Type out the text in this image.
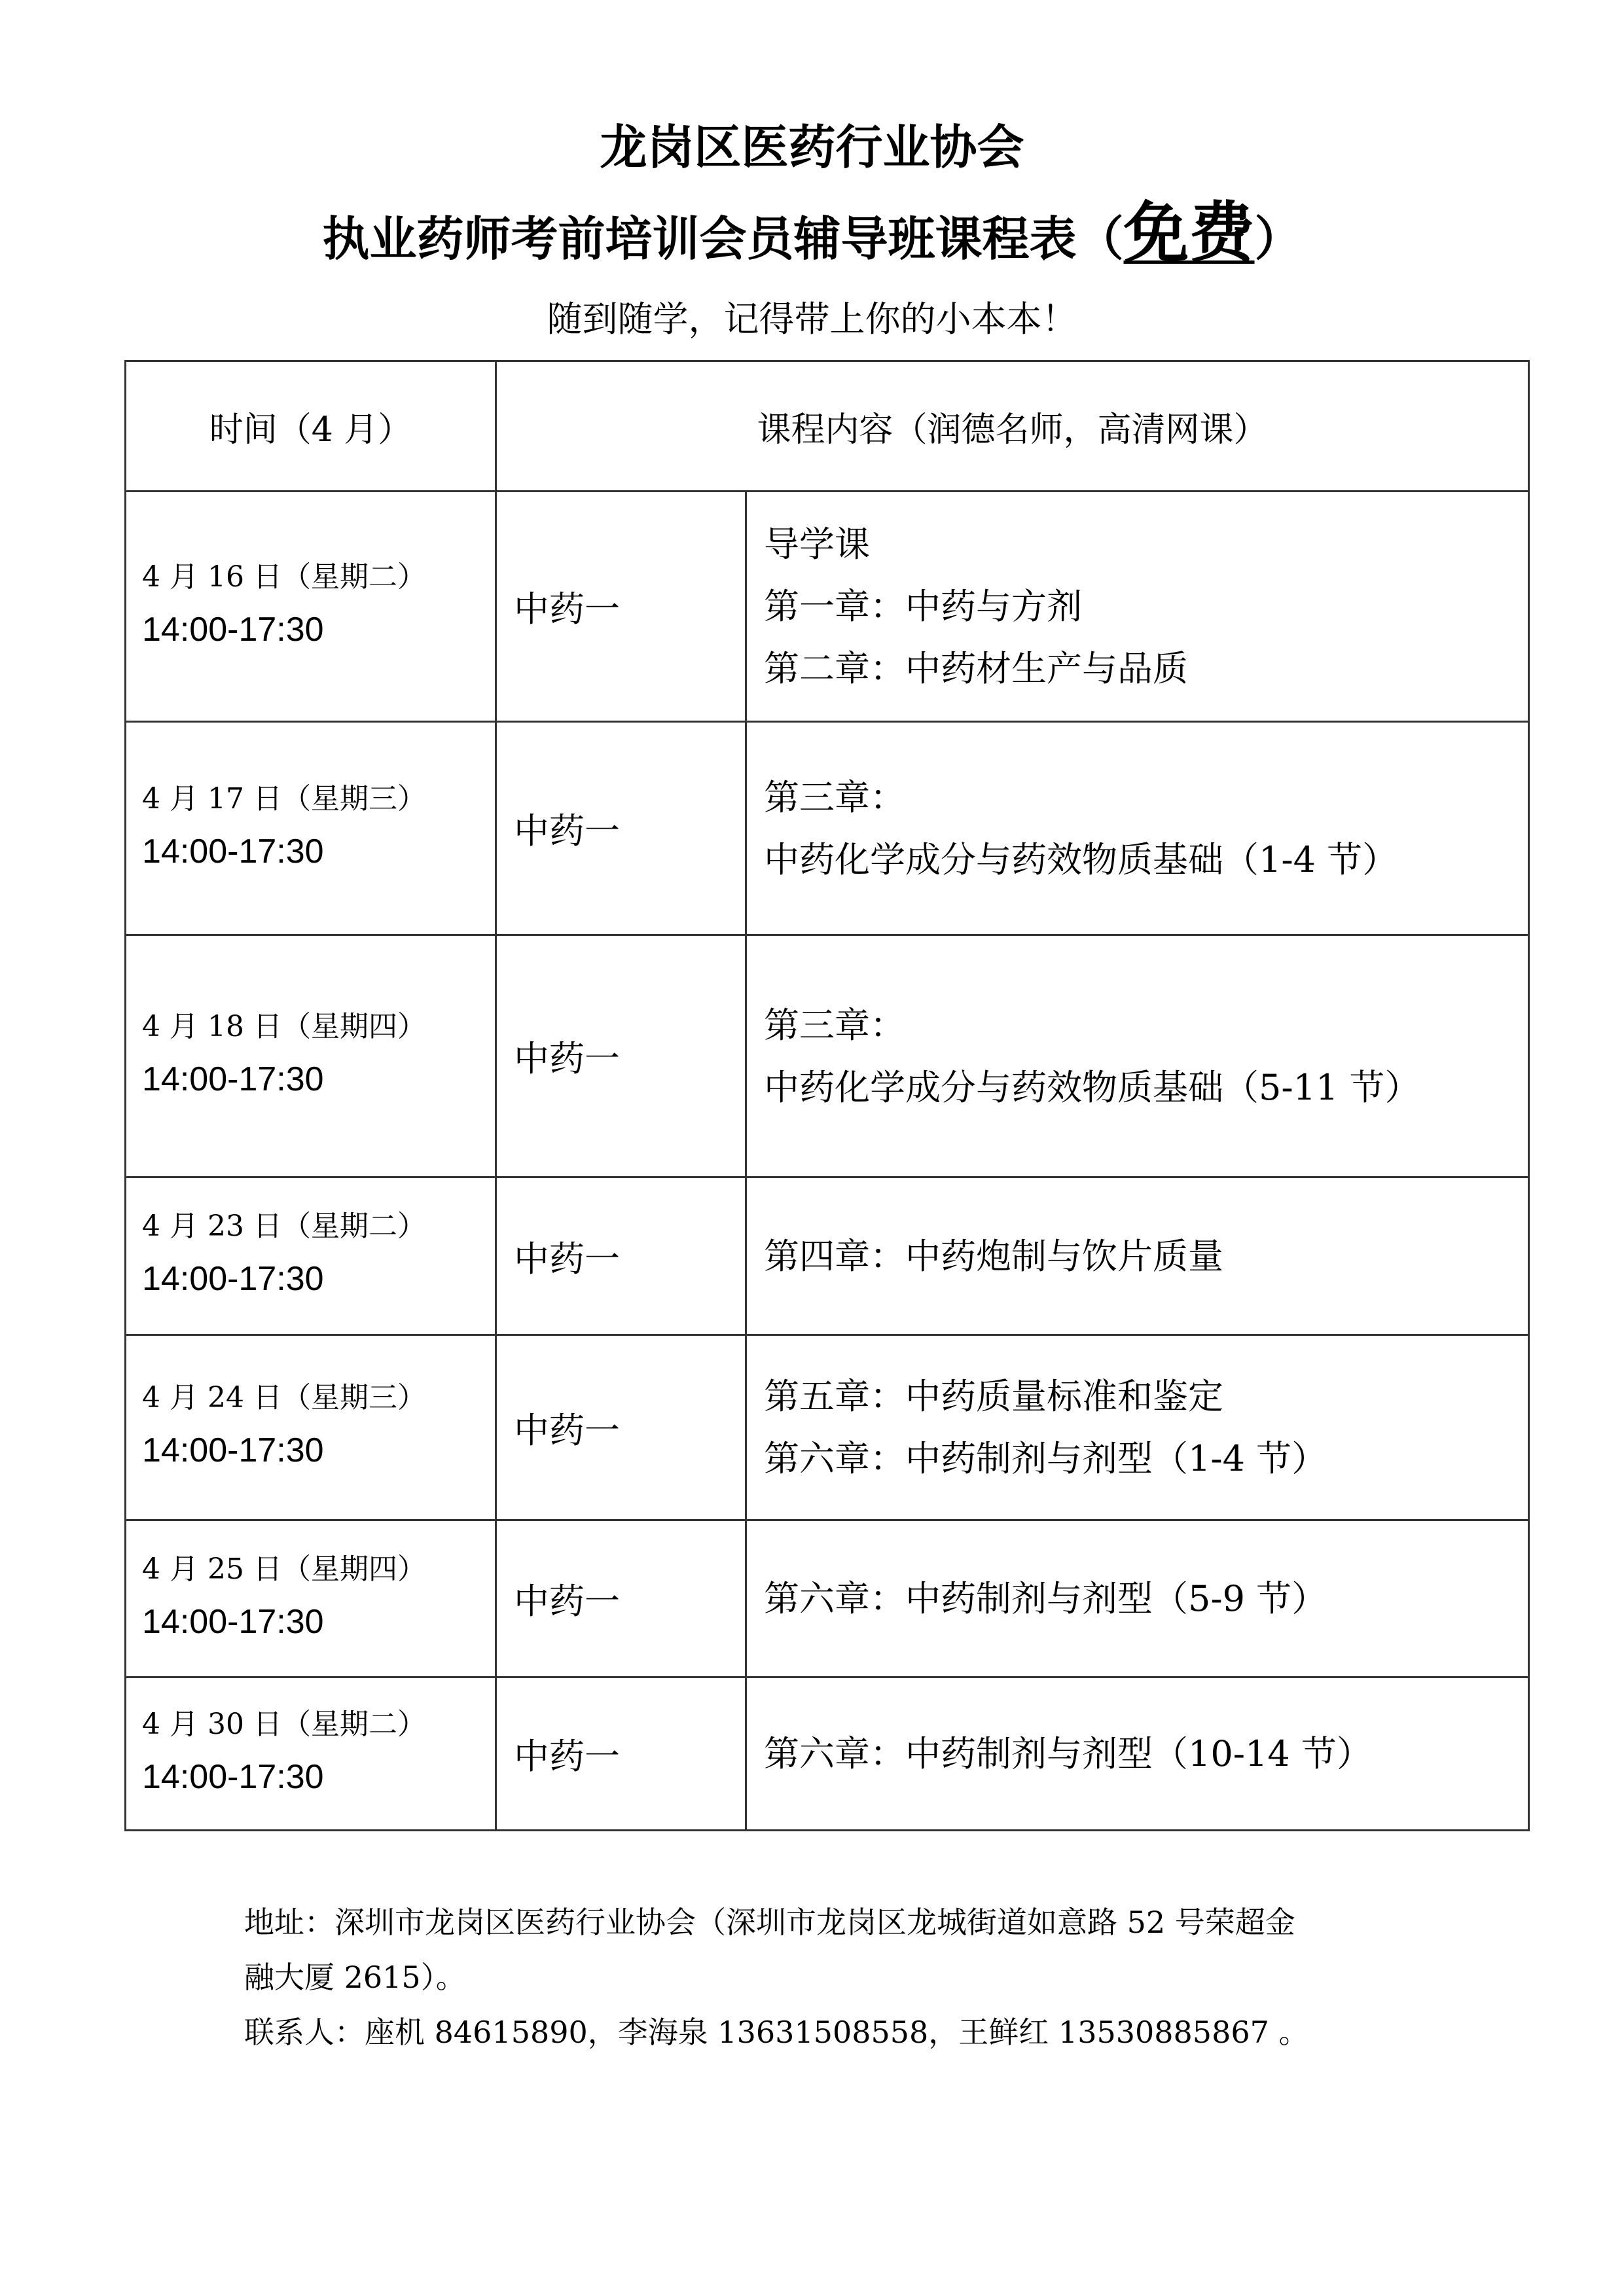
龙岗区医药行业协会
执业药师考前培训会员辅导班课程表（免费）
随到随学，记得带上你的小本本！
时间（4 月）	课程内容（润德名师，高清网课）	

4 月 16 日（星期二）
14:00-17:30	中药一	导学课
第一章：中药与方剂
第二章：中药材生产与品质

4 月 17 日（星期三）
14:00-17:30	中药一	第三章：
中药化学成分与药效物质基础（1-4 节）

4 月 18 日（星期四）
14:00-17:30	中药一	第三章：
中药化学成分与药效物质基础（5-11 节）

4 月 23 日（星期二）
14:00-17:30	中药一	第四章：中药炮制与饮片质量

4 月 24 日（星期三）
14:00-17:30	中药一	第五章：中药质量标准和鉴定
第六章：中药制剂与剂型（1-4 节）

4 月 25 日（星期四）
14:00-17:30	中药一	第六章：中药制剂与剂型（5-9 节）

4 月 30 日（星期二）
14:00-17:30	中药一	第六章：中药制剂与剂型（10-14 节）
地址：深圳市龙岗区医药行业协会（深圳市龙岗区龙城街道如意路 52 号荣超金
融大厦 2615）。
联系人：座机 84615890，李海泉 13631508558，王鲜红 13530885867 。
